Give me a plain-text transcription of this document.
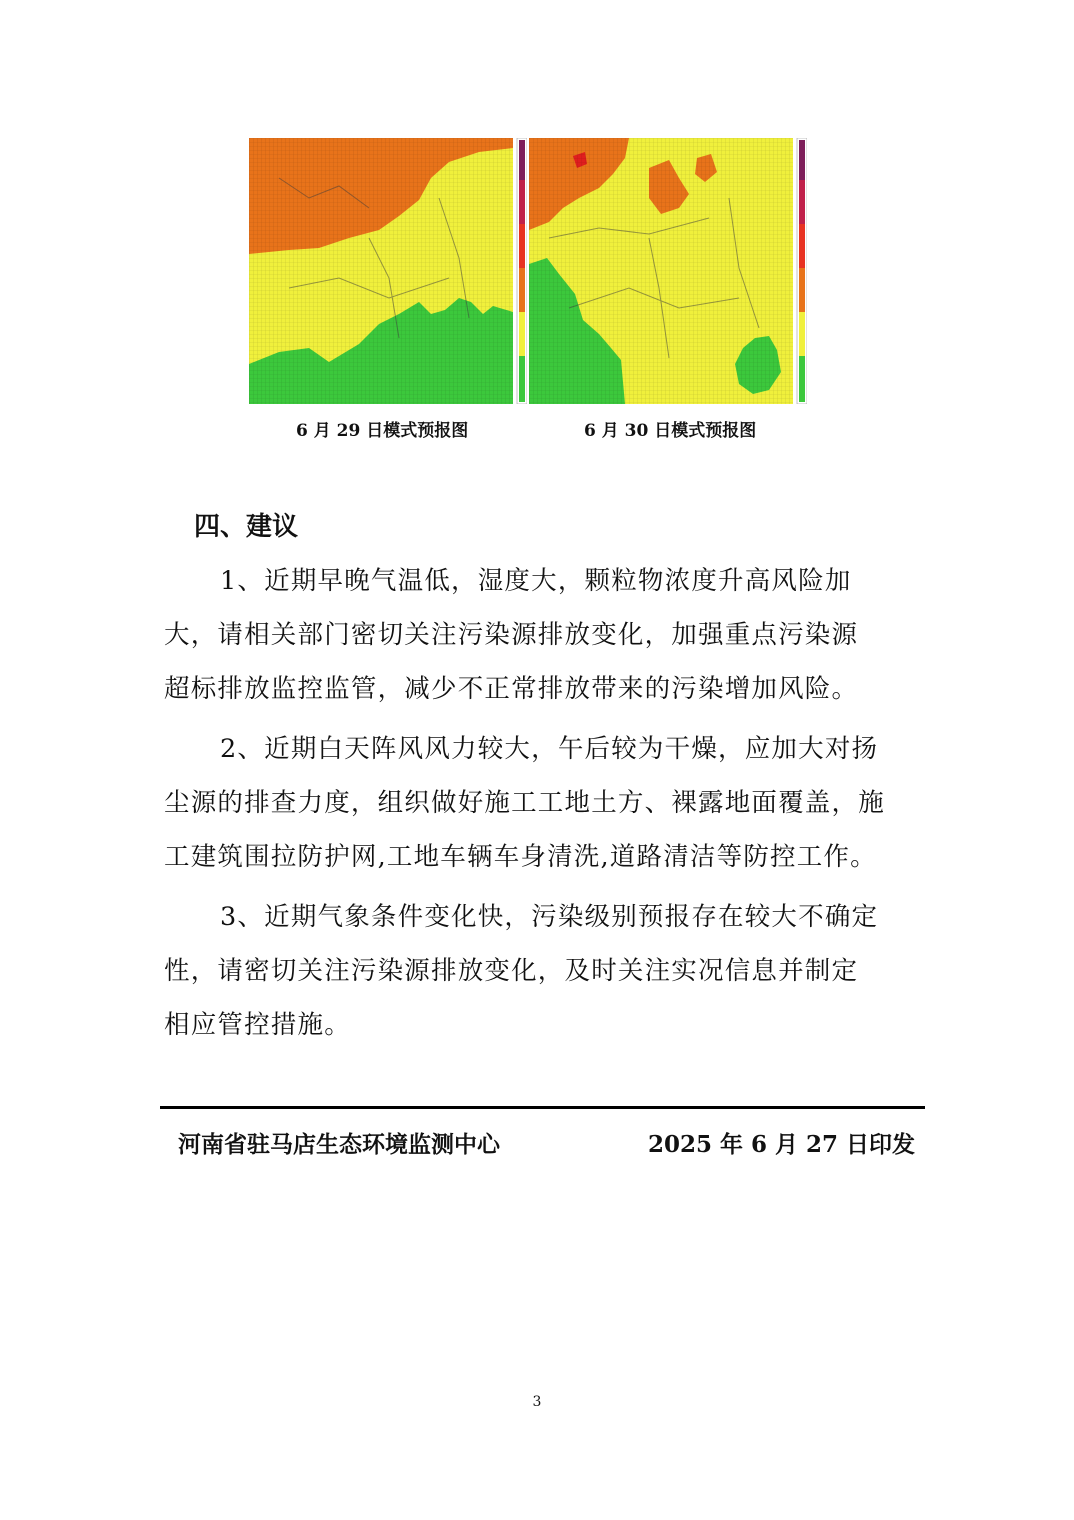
6 月 29 日模式预报图	6 月 30 日模式预报图
四、建议
1、近期早晚气温低，湿度大，颗粒物浓度升高风险加
大，请相关部门密切关注污染源排放变化，加强重点污染源
超标排放监控监管，减少不正常排放带来的污染增加风险。
2、近期白天阵风风力较大，午后较为干燥，应加大对扬
尘源的排查力度，组织做好施工工地土方、裸露地面覆盖，施
工建筑围拉防护网,工地车辆车身清洗,道路清洁等防控工作。
3、近期气象条件变化快，污染级别预报存在较大不确定
性，请密切关注污染源排放变化，及时关注实况信息并制定
相应管控措施。
河南省驻马店生态环境监测中心	2025 年 6 月 27 日印发
3
